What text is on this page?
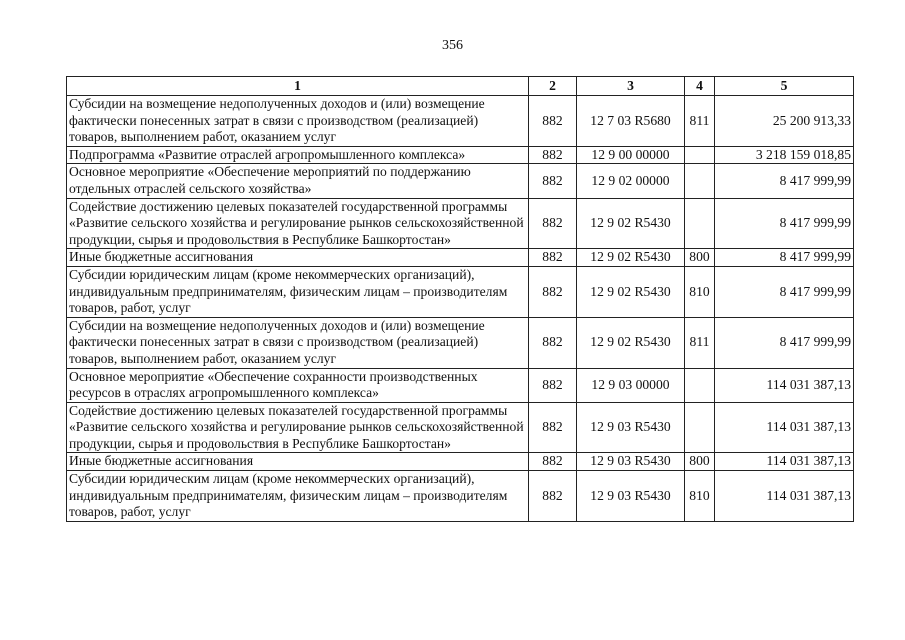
356
1	2	3	4	5
Субсидии на возмещение недополученных доходов и (или) возмещение фактически понесенных затрат в связи с производством (реализацией) товаров, выполнением работ, оказанием услуг	882	12 7 03 R5680	811	25 200 913,33
Подпрограмма «Развитие отраслей агропромышленного комплекса»	882	12 9 00 00000		3 218 159 018,85
Основное мероприятие «Обеспечение мероприятий по поддержанию отдельных отраслей сельского хозяйства»	882	12 9 02 00000		8 417 999,99
Содействие достижению целевых показателей государственной программы «Развитие сельского хозяйства и регулирование рынков сельскохозяйственной продукции, сырья и продовольствия в Республике Башкортостан»	882	12 9 02 R5430		8 417 999,99
Иные бюджетные ассигнования	882	12 9 02 R5430	800	8 417 999,99
Субсидии юридическим лицам (кроме некоммерческих организаций), индивидуальным предпринимателям, физическим лицам – производителям товаров, работ, услуг	882	12 9 02 R5430	810	8 417 999,99
Субсидии на возмещение недополученных доходов и (или) возмещение фактически понесенных затрат в связи с производством (реализацией) товаров, выполнением работ, оказанием услуг	882	12 9 02 R5430	811	8 417 999,99
Основное мероприятие «Обеспечение сохранности производственных ресурсов в отраслях агропромышленного комплекса»	882	12 9 03 00000		114 031 387,13
Содействие достижению целевых показателей государственной программы «Развитие сельского хозяйства и регулирование рынков сельскохозяйственной продукции, сырья и продовольствия в Республике Башкортостан»	882	12 9 03 R5430		114 031 387,13
Иные бюджетные ассигнования	882	12 9 03 R5430	800	114 031 387,13
Субсидии юридическим лицам (кроме некоммерческих организаций), индивидуальным предпринимателям, физическим лицам – производителям товаров, работ, услуг	882	12 9 03 R5430	810	114 031 387,13
